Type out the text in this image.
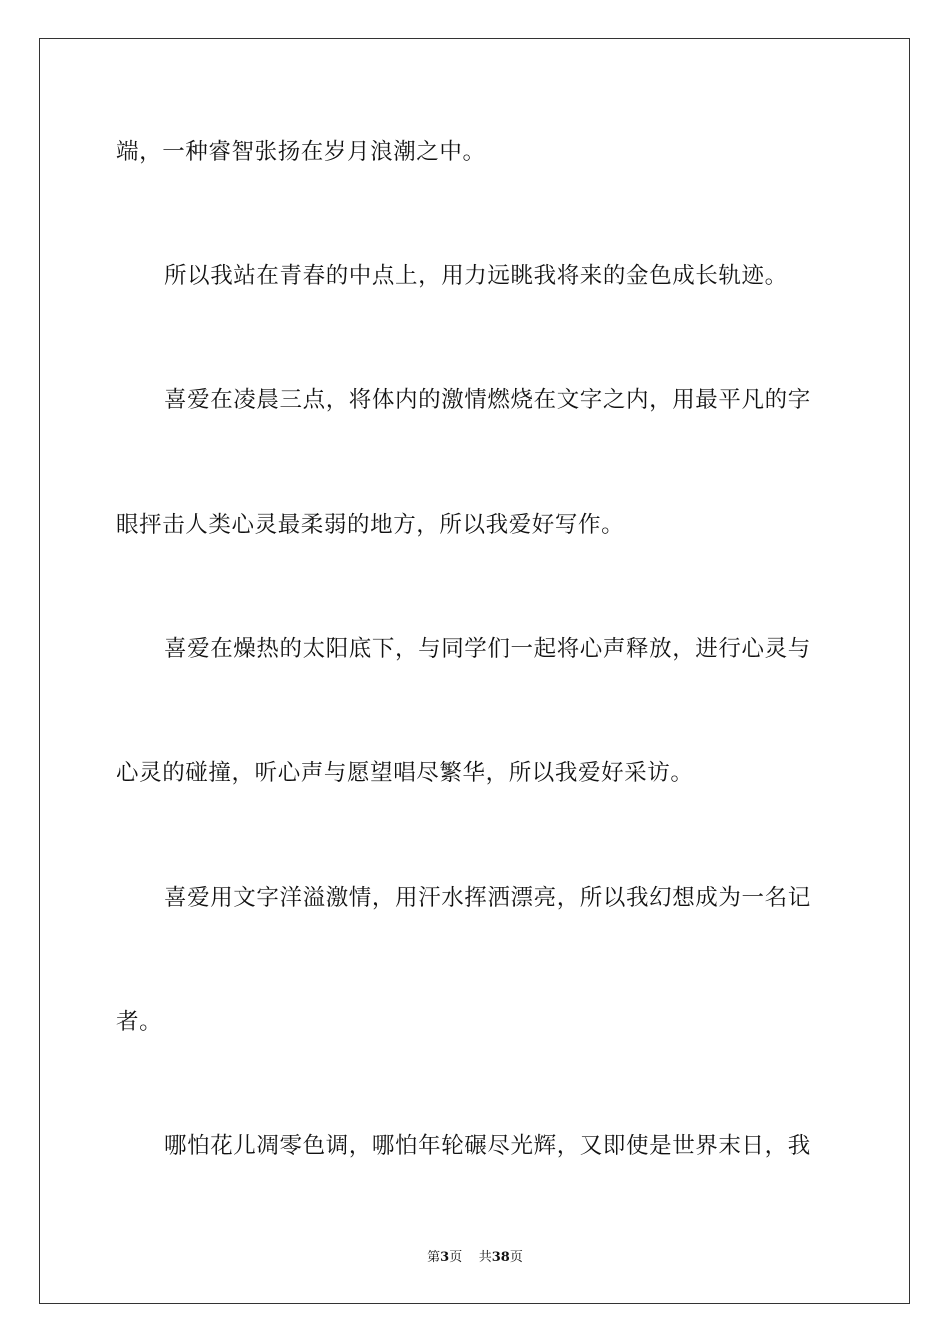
端，一种睿智张扬在岁月浪潮之中。
所以我站在青春的中点上，用力远眺我将来的金色成长轨迹。
喜爱在凌晨三点，将体内的激情燃烧在文字之内，用最平凡的字
眼抨击人类心灵最柔弱的地方，所以我爱好写作。
喜爱在燥热的太阳底下，与同学们一起将心声释放，进行心灵与
心灵的碰撞，听心声与愿望唱尽繁华，所以我爱好采访。
喜爱用文字洋溢激情，用汗水挥洒漂亮，所以我幻想成为一名记
者。
哪怕花儿凋零色调，哪怕年轮碾尽光辉，又即使是世界末日，我
第3页 共38页
